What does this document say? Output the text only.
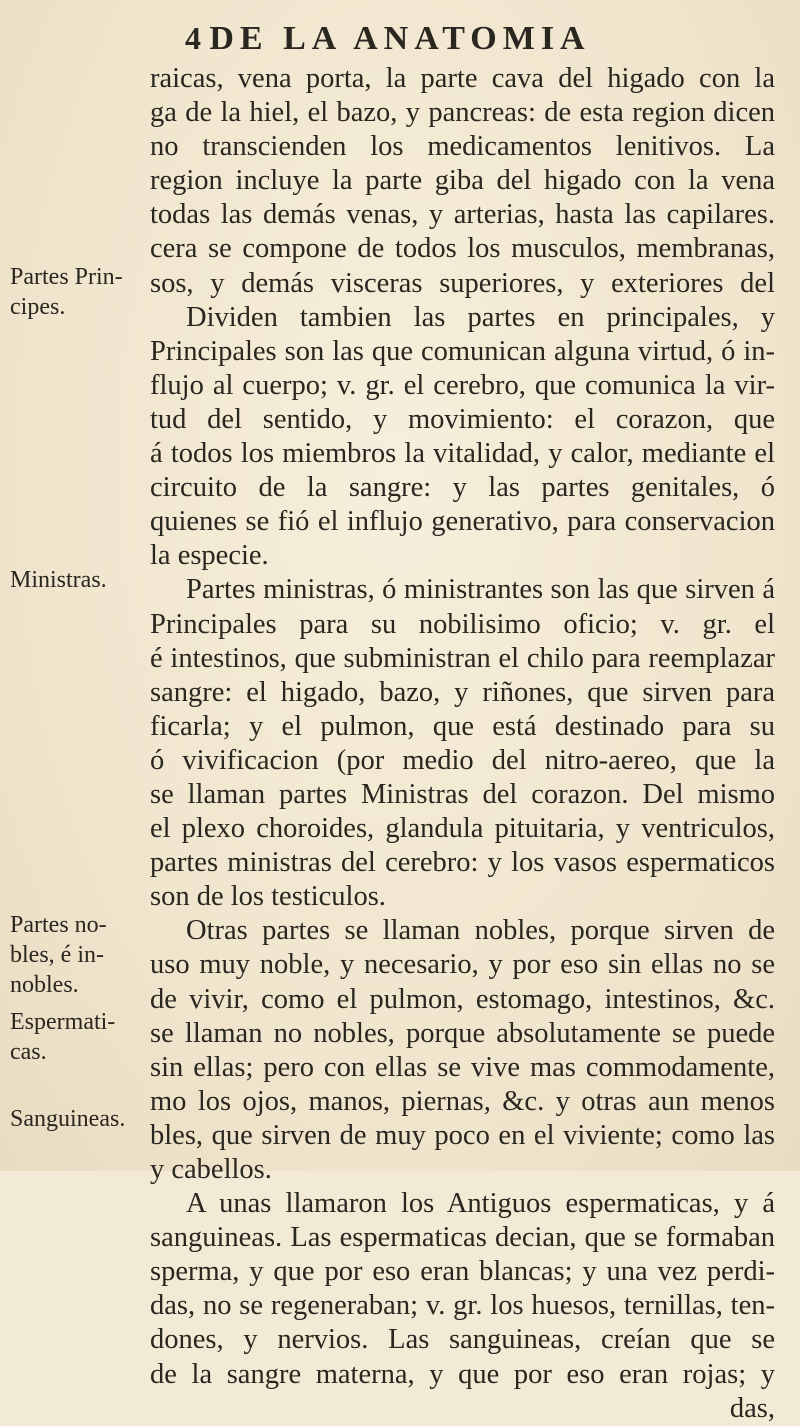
4 DE LA ANATOMIA
Partes Prin-
cipes.
Ministras.
Partes no-
bles, é in-
nobles.
raicas, vena porta, la parte cava del higado con la
ga de la hiel, el bazo, y pancreas: de esta region dicen
no transcienden los medicamentos lenitivos. La
region incluye la parte giba del higado con la vena
todas las demás venas, y arterias, hasta las capilares.
cera se compone de todos los musculos, membranas,
sos, y demás visceras superiores, y exteriores del
Dividen tambien las partes en principales, y
Principales son las que comunican alguna virtud, ó in-
flujo al cuerpo; v. gr. el cerebro, que comunica la vir-
tud del sentido, y movimiento: el corazon, que
á todos los miembros la vitalidad, y calor, mediante el
circuito de la sangre: y las partes genitales, ó
quienes se fió el influjo generativo, para conservacion
la especie.
Partes ministras, ó ministrantes son las que sirven á
Principales para su nobilisimo oficio; v. gr. el
é intestinos, que subministran el chilo para reemplazar
sangre: el higado, bazo, y riñones, que sirven para
ficarla; y el pulmon, que está destinado para su
ó vivificacion (por medio del nitro-aereo, que la
se llaman partes Ministras del corazon. Del mismo
el plexo choroides, glandula pituitaria, y ventriculos,
partes ministras del cerebro: y los vasos espermaticos
son de los testiculos.
Otras partes se llaman nobles, porque sirven de
uso muy noble, y necesario, y por eso sin ellas no se
de vivir, como el pulmon, estomago, intestinos, &c.
se llaman no nobles, porque absolutamente se puede
sin ellas; pero con ellas se vive mas commodamente,
mo los ojos, manos, piernas, &c. y otras aun menos
bles, que sirven de muy poco en el viviente; como las
y cabellos.
A unas llamaron los Antiguos espermaticas, y á
sanguineas. Las espermaticas decian, que se formaban
sperma, y que por eso eran blancas; y una vez perdi-
das, no se regeneraban; v. gr. los huesos, ternillas, ten-
dones, y nervios. Las sanguineas, creían que se
de la sangre materna, y que por eso eran rojas; y
das,
Espermati-
cas.
Sanguineas.
